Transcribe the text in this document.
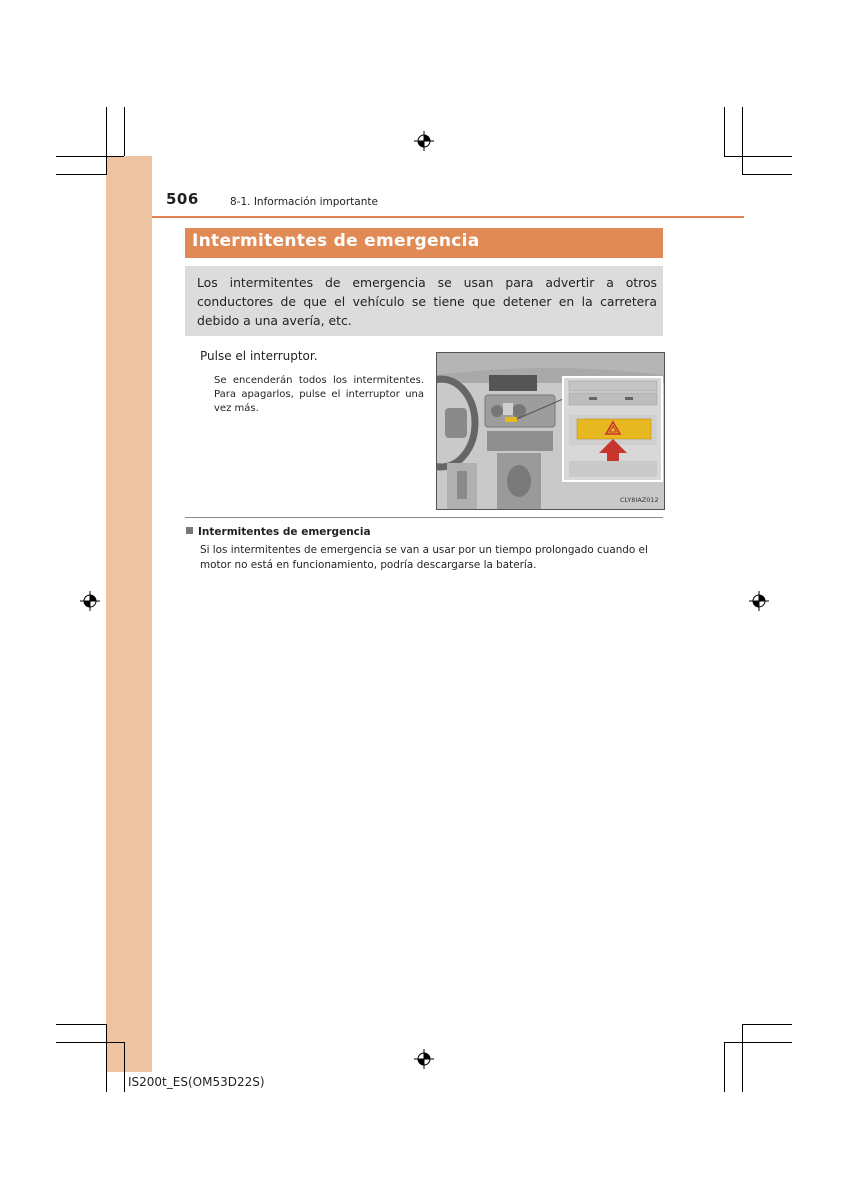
506	8-1. Información importante
Intermitentes de emergencia
Los intermitentes de emergencia se usan para advertir a otros conductores de que el vehículo se tiene que detener en la carretera debido a una avería, etc.
Pulse el interruptor.
Se encenderán todos los intermitentes. Para apagarlos, pulse el interruptor una vez más.
CLY8IAZ012
Intermitentes de emergencia
Si los intermitentes de emergencia se van a usar por un tiempo prolongado cuando el motor no está en funcionamiento, podría descargarse la batería.
IS200t_ES(OM53D22S)
